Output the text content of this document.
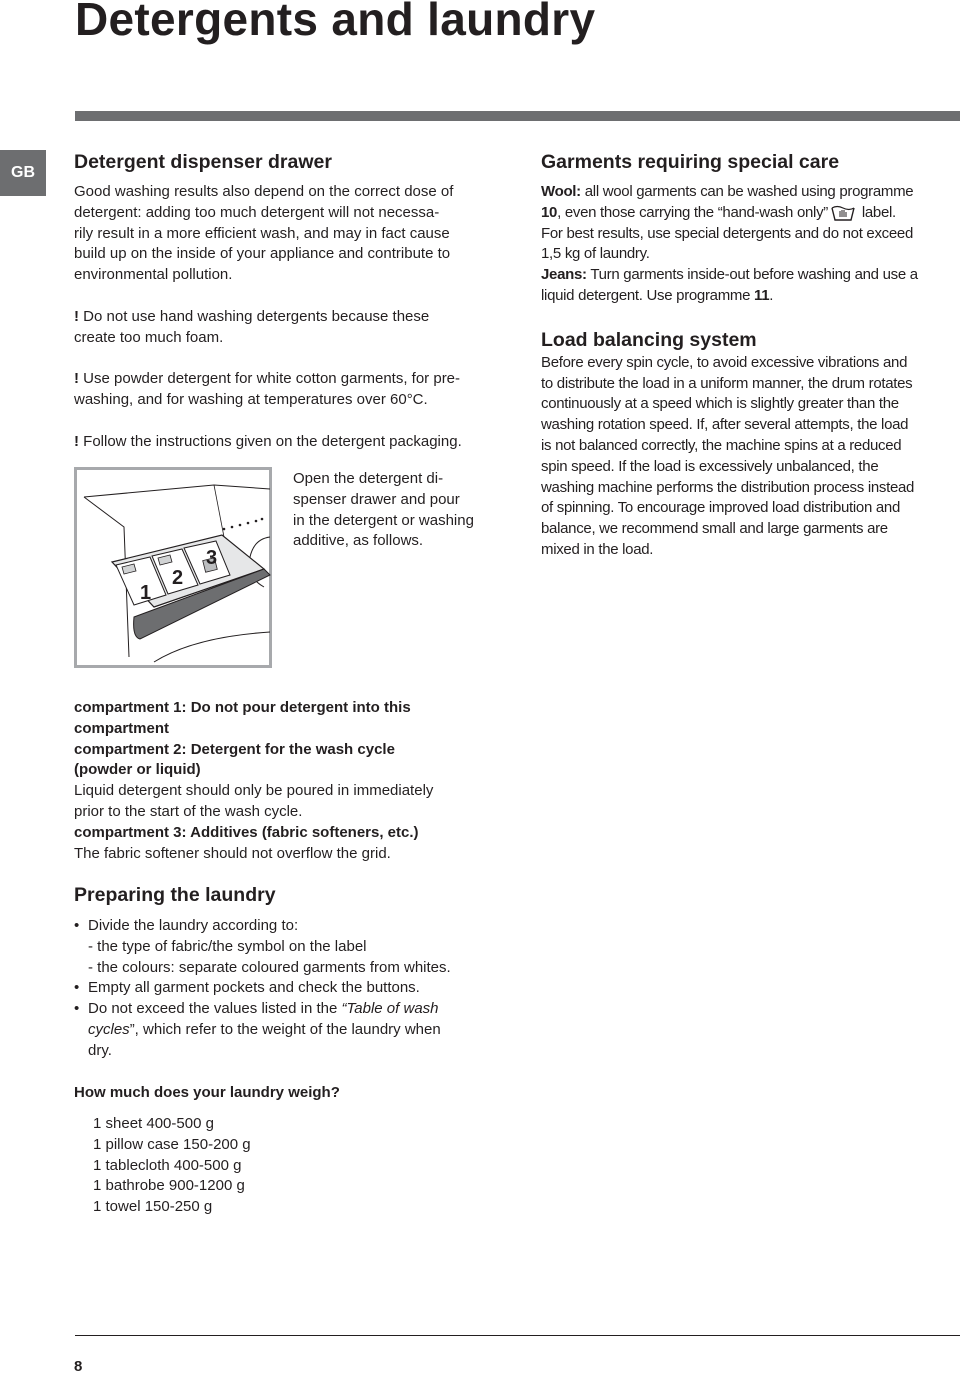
Detergents and laundry
GB	Detergent dispenser drawer

Good washing results also depend on the correct dose of
detergent: adding too much detergent will not necessa-
rily result in a more efficient wash, and may in fact cause
build up on the inside of your appliance and contribute to
environmental pollution.

! Do not use hand washing detergents because these
create too much foam.

! Use powder detergent for white cotton garments, for pre-
washing, and for washing at temperatures over 60°C.

! Follow the instructions given on the detergent packaging.

1
2
3

Open the detergent di-
spenser drawer and pour
in the detergent or washing
additive, as follows.

compartment 1: Do not pour detergent into this
compartment

compartment 2: Detergent for the wash cycle
(powder or liquid)

Liquid detergent should only be poured in immediately
prior to the start of the wash cycle.

compartment 3: Additives (fabric softeners, etc.)

The fabric softener should not overflow the grid.

Preparing the laundry
• Divide the laundry according to:
- the type of fabric/the symbol on the label
- the colours: separate coloured garments from whites.
• Empty all garment pockets and check the buttons.
• Do not exceed the values listed in the “Table of wash
cycles”, which refer to the weight of the laundry when
dry.

How much does your laundry weigh?

1 sheet 400-500 g
1 pillow case 150-200 g
1 tablecloth 400-500 g
1 bathrobe 900-1200 g
1 towel 150-250 g
Garments requiring special care

Wool: all wool garments can be washed using programme
10, even those carrying the “hand-wash only” label.
For best results, use special detergents and do not exceed
1,5 kg of laundry.

Jeans: Turn garments inside-out before washing and use a
liquid detergent. Use programme 11.

Load balancing system

Before every spin cycle, to avoid excessive vibrations and
to distribute the load in a uniform manner, the drum rotates
continuously at a speed which is slightly greater than the
washing rotation speed. If, after several attempts, the load
is not balanced correctly, the machine spins at a reduced
spin speed. If the load is excessively unbalanced, the
washing machine performs the distribution process instead
of spinning. To encourage improved load distribution and
balance, we recommend small and large garments are
mixed in the load.

8
